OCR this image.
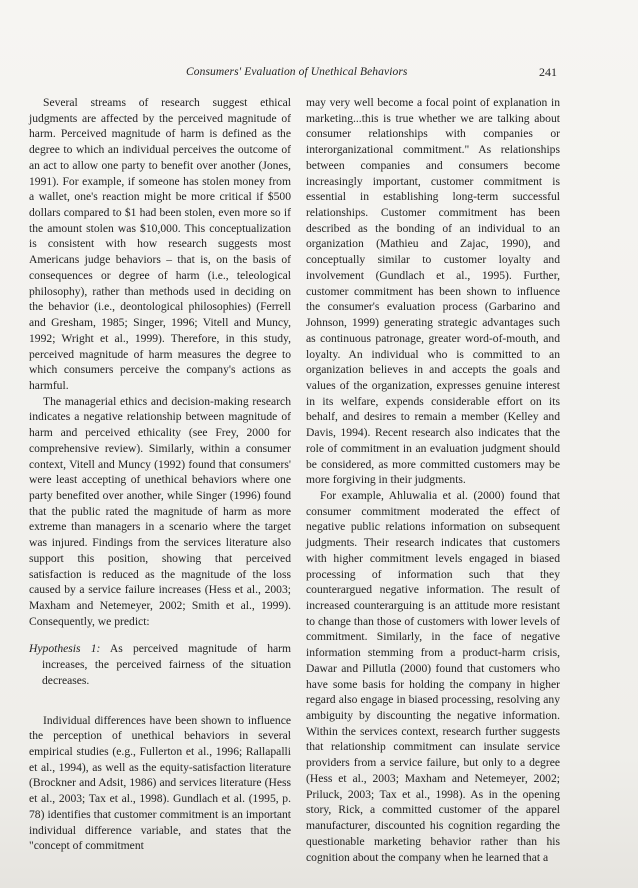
Consumers' Evaluation of Unethical Behaviors	241

Several streams of research suggest ethical judgments are affected by the perceived magnitude of harm. Perceived magnitude of harm is defined as the degree to which an individual perceives the outcome of an act to allow one party to benefit over another (Jones, 1991). For example, if someone has stolen money from a wallet, one's reaction might be more critical if $500 dollars compared to $1 had been stolen, even more so if the amount stolen was $10,000. This conceptualization is consistent with how research suggests most Americans judge behaviors – that is, on the basis of consequences or degree of harm (i.e., teleological philosophy), rather than methods used in deciding on the behavior (i.e., deontological philosophies) (Ferrell and Gresham, 1985; Singer, 1996; Vitell and Muncy, 1992; Wright et al., 1999). Therefore, in this study, perceived magnitude of harm measures the degree to which consumers perceive the company's actions as harmful.

The managerial ethics and decision-making research indicates a negative relationship between magnitude of harm and perceived ethicality (see Frey, 2000 for comprehensive review). Similarly, within a consumer context, Vitell and Muncy (1992) found that consumers' were least accepting of unethical behaviors where one party benefited over another, while Singer (1996) found that the public rated the magnitude of harm as more extreme than managers in a scenario where the target was injured. Findings from the services literature also support this position, showing that perceived satisfaction is reduced as the magnitude of the loss caused by a service failure increases (Hess et al., 2003; Maxham and Netemeyer, 2002; Smith et al., 1999). Consequently, we predict:

Hypothesis 1: As perceived magnitude of harm increases, the perceived fairness of the situation decreases.

Individual differences have been shown to influence the perception of unethical behaviors in several empirical studies (e.g., Fullerton et al., 1996; Rallapalli et al., 1994), as well as the equity-satisfaction literature (Brockner and Adsit, 1986) and services literature (Hess et al., 2003; Tax et al., 1998). Gundlach et al. (1995, p. 78) identifies that customer commitment is an important individual difference variable, and states that the "concept of commitment

may very well become a focal point of explanation in marketing...this is true whether we are talking about consumer relationships with companies or interorganizational commitment." As relationships between companies and consumers become increasingly important, customer commitment is essential in establishing long-term successful relationships. Customer commitment has been described as the bonding of an individual to an organization (Mathieu and Zajac, 1990), and conceptually similar to customer loyalty and involvement (Gundlach et al., 1995). Further, customer commitment has been shown to influence the consumer's evaluation process (Garbarino and Johnson, 1999) generating strategic advantages such as continuous patronage, greater word-of-mouth, and loyalty. An individual who is committed to an organization believes in and accepts the goals and values of the organization, expresses genuine interest in its welfare, expends considerable effort on its behalf, and desires to remain a member (Kelley and Davis, 1994). Recent research also indicates that the role of commitment in an evaluation judgment should be considered, as more committed customers may be more forgiving in their judgments.

For example, Ahluwalia et al. (2000) found that consumer commitment moderated the effect of negative public relations information on subsequent judgments. Their research indicates that customers with higher commitment levels engaged in biased processing of information such that they counterargued negative information. The result of increased counterarguing is an attitude more resistant to change than those of customers with lower levels of commitment. Similarly, in the face of negative information stemming from a product-harm crisis, Dawar and Pillutla (2000) found that customers who have some basis for holding the company in higher regard also engage in biased processing, resolving any ambiguity by discounting the negative information. Within the services context, research further suggests that relationship commitment can insulate service providers from a service failure, but only to a degree (Hess et al., 2003; Maxham and Netemeyer, 2002; Priluck, 2003; Tax et al., 1998). As in the opening story, Rick, a committed customer of the apparel manufacturer, discounted his cognition regarding the questionable marketing behavior rather than his cognition about the company when he learned that a
